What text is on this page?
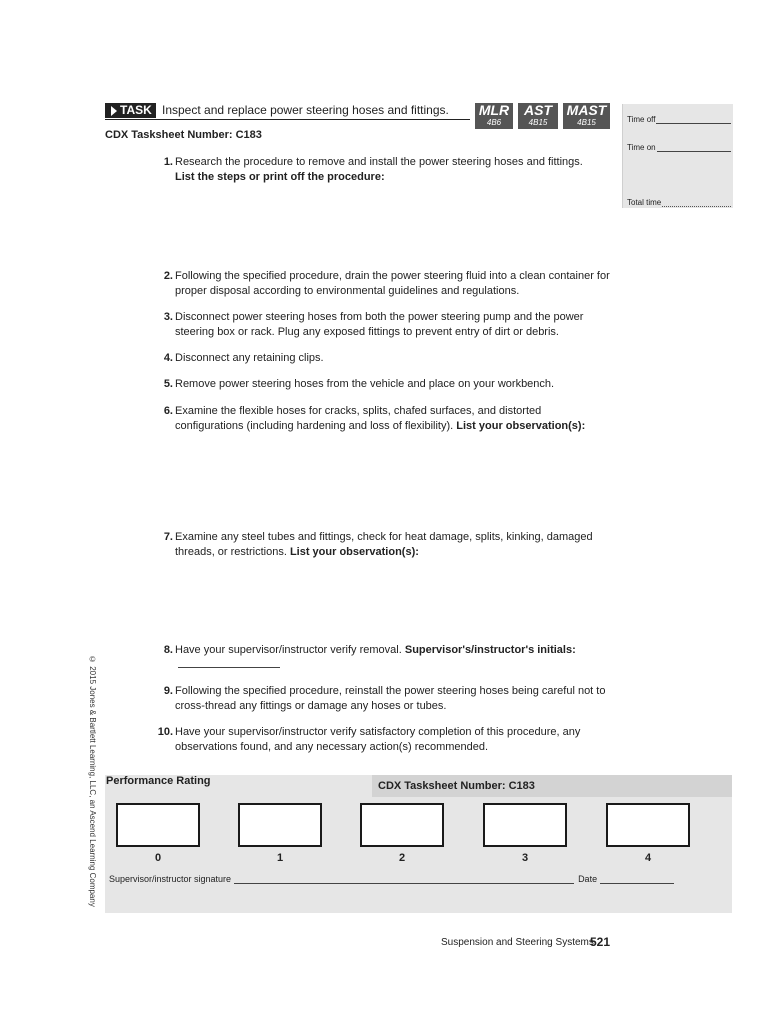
TASK Inspect and replace power steering hoses and fittings. MLR
4B6
AST
4B15
MAST
4B15	Time off
Time on
Total time
CDX Tasksheet Number: C183
1. Research the procedure to remove and install the power steering hoses and fittings.
List the steps or print off the procedure:
2. Following the specified procedure, drain the power steering fluid into a clean container for proper disposal according to environmental guidelines and regulations.
3. Disconnect power steering hoses from both the power steering pump and the power steering box or rack. Plug any exposed fittings to prevent entry of dirt or debris.
4. Disconnect any retaining clips.
5. Remove power steering hoses from the vehicle and place on your workbench.
6. Examine the flexible hoses for cracks, splits, chafed surfaces, and distorted configurations (including hardening and loss of flexibility). List your observation(s):
7. Examine any steel tubes and fittings, check for heat damage, splits, kinking, damaged threads, or restrictions. List your observation(s):
8. Have your supervisor/instructor verify removal. Supervisor's/instructor's initials:
9. Following the specified procedure, reinstall the power steering hoses being careful not to cross-thread any fittings or damage any hoses or tubes.
10. Have your supervisor/instructor verify satisfactory completion of this procedure, any observations found, and any necessary action(s) recommended.
© 2015 Jones & Bartlett Learning, LLC, an Ascend Learning Company Performance Rating	CDX Tasksheet Number: C183
0	1	2	3	4
Supervisor/instructor signature	Date
Suspension and Steering Systems
521
